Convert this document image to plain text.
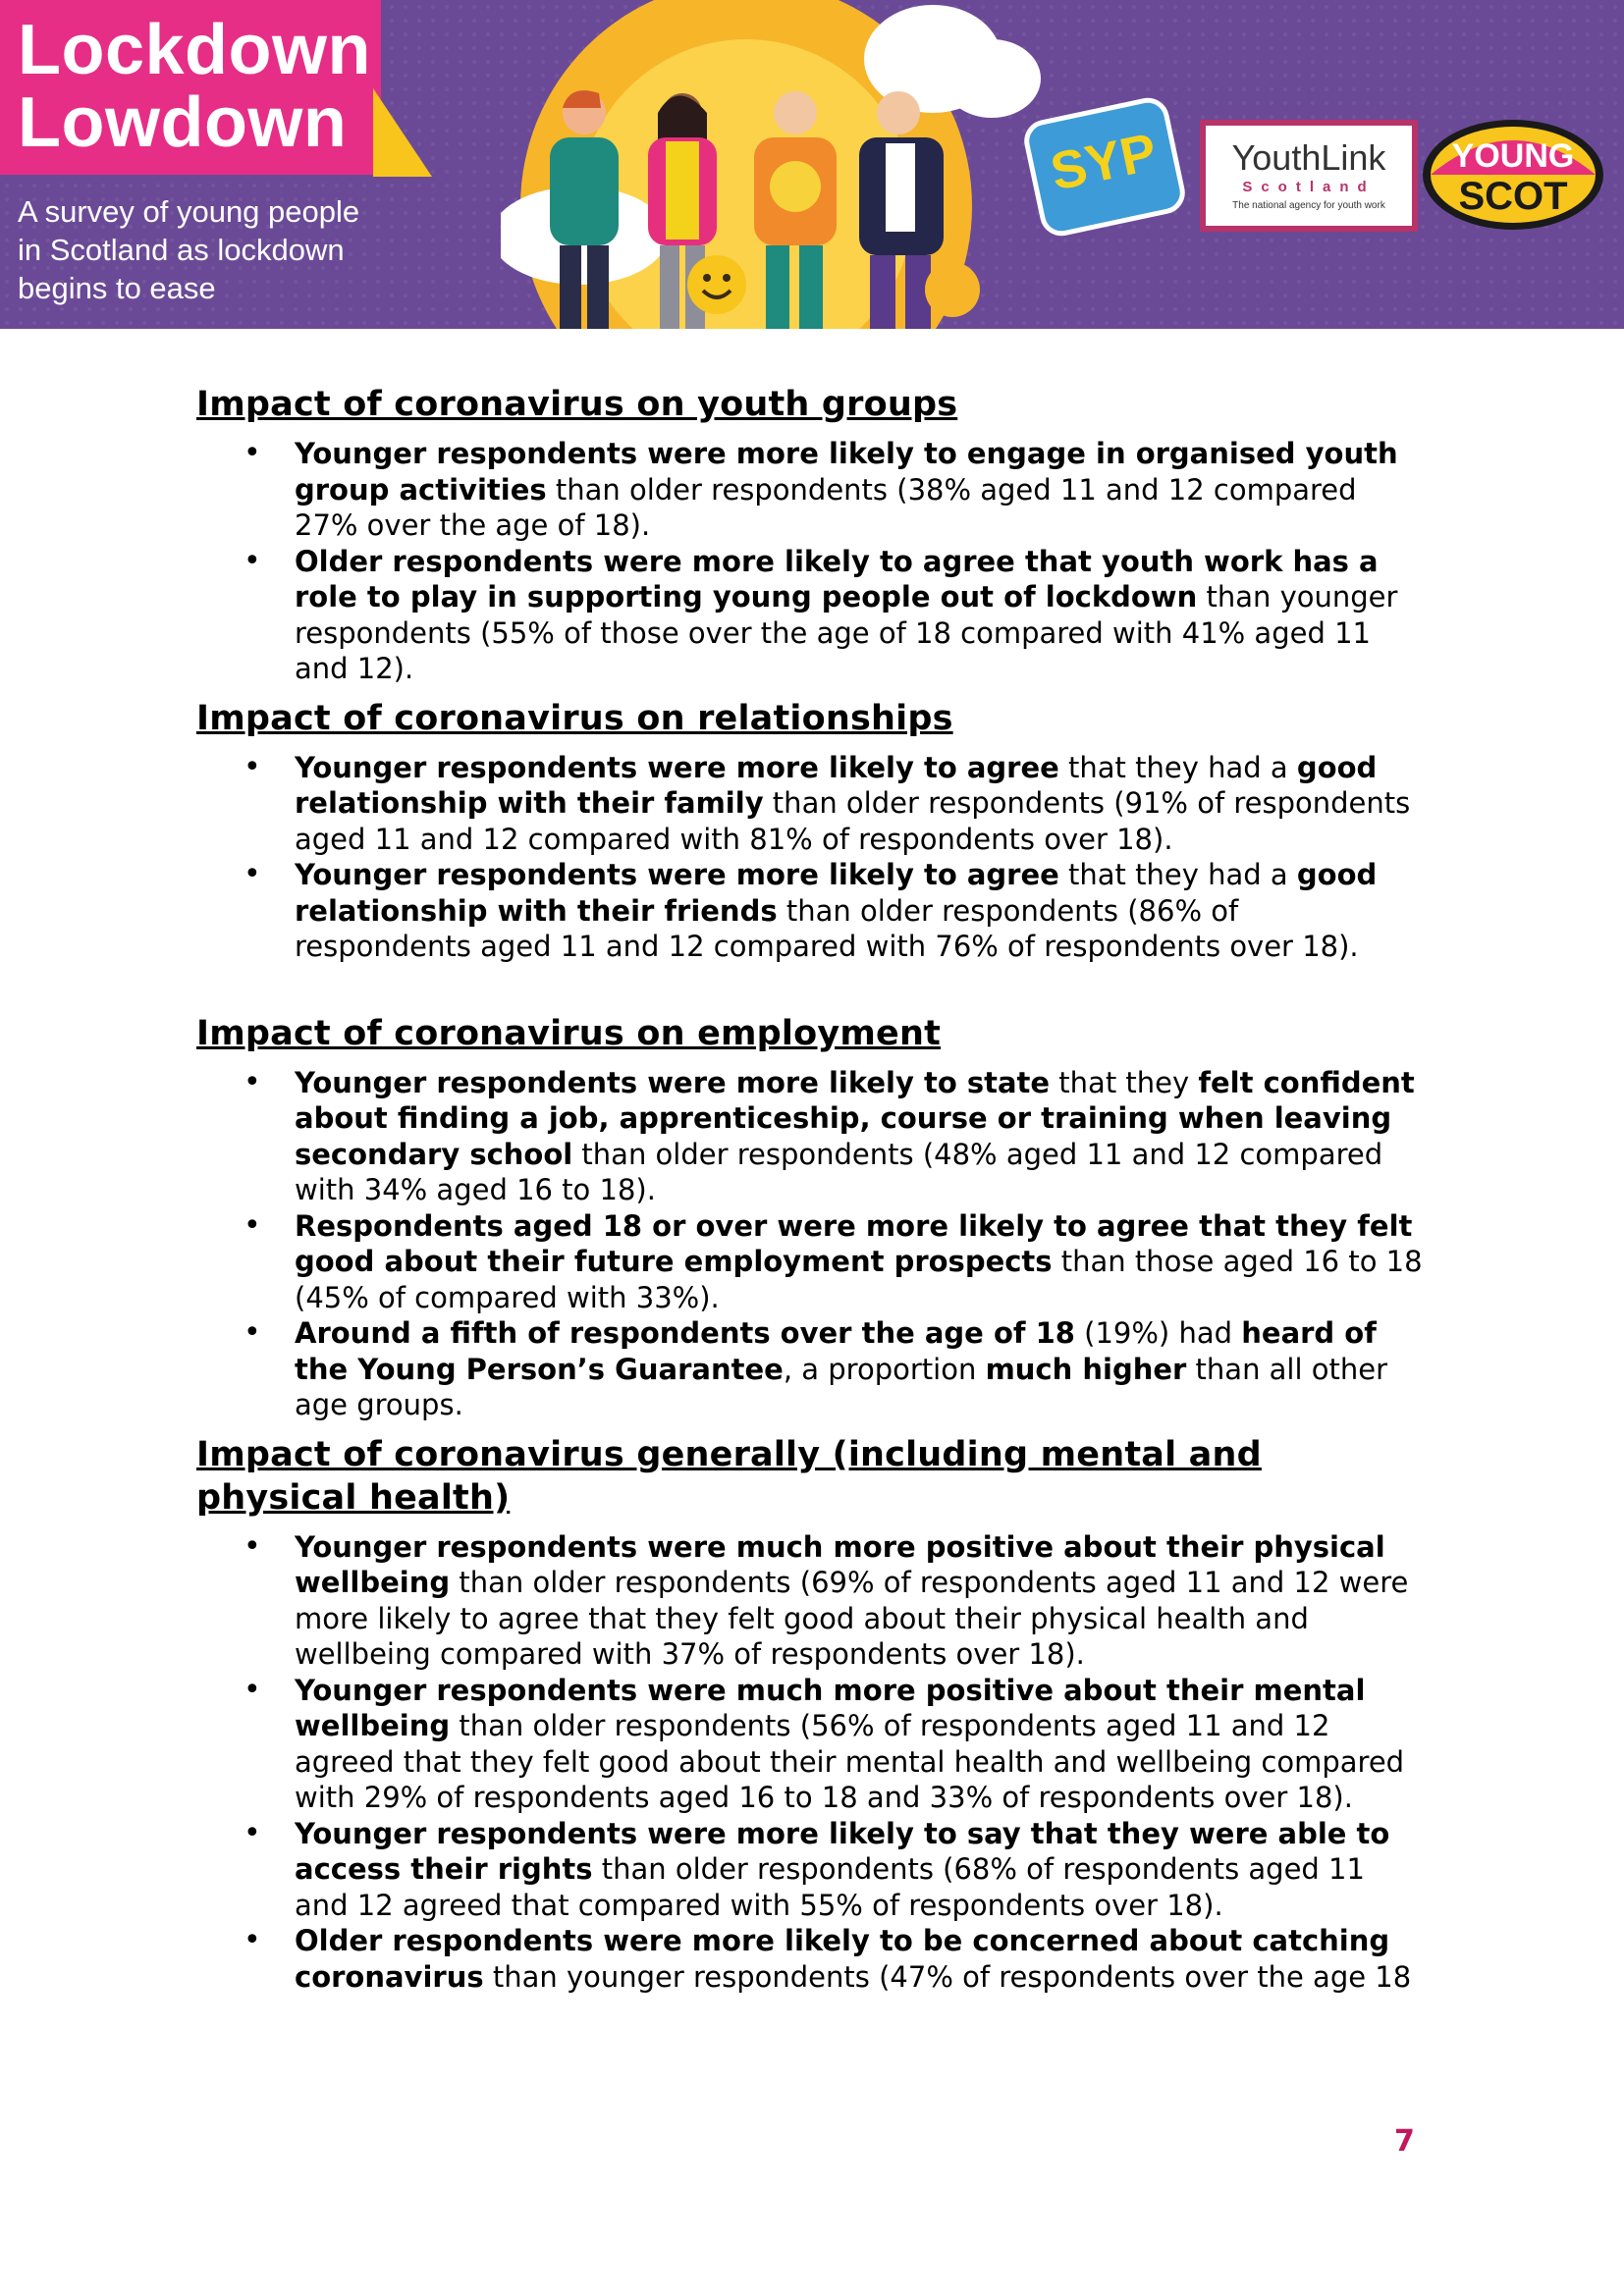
Lockdown
Lowdown
A survey of young people
in Scotland as lockdown
begins to ease
SYP	YouthLink
Scotland
The national agency for youth work
YOUNG
SCOT
Impact of coronavirus on youth groups
• Younger respondents were more likely to engage in organised youth group activities than older respondents (38% aged 11 and 12 compared 27% over the age of 18).
• Older respondents were more likely to agree that youth work has a role to play in supporting young people out of lockdown than younger respondents (55% of those over the age of 18 compared with 41% aged 11 and 12).
Impact of coronavirus on relationships
• Younger respondents were more likely to agree that they had a good relationship with their family than older respondents (91% of respondents aged 11 and 12 compared with 81% of respondents over 18).
• Younger respondents were more likely to agree that they had a good relationship with their friends than older respondents (86% of respondents aged 11 and 12 compared with 76% of respondents over 18).
Impact of coronavirus on employment
• Younger respondents were more likely to state that they felt confident about finding a job, apprenticeship, course or training when leaving secondary school than older respondents (48% aged 11 and 12 compared with 34% aged 16 to 18).
• Respondents aged 18 or over were more likely to agree that they felt good about their future employment prospects than those aged 16 to 18 (45% of compared with 33%).
• Around a fifth of respondents over the age of 18 (19%) had heard of the Young Person’s Guarantee, a proportion much higher than all other age groups.
Impact of coronavirus generally (including mental and physical health)
• Younger respondents were much more positive about their physical wellbeing than older respondents (69% of respondents aged 11 and 12 were more likely to agree that they felt good about their physical health and wellbeing compared with 37% of respondents over 18).
• Younger respondents were much more positive about their mental wellbeing than older respondents (56% of respondents aged 11 and 12 agreed that they felt good about their mental health and wellbeing compared with 29% of respondents aged 16 to 18 and 33% of respondents over 18).
• Younger respondents were more likely to say that they were able to access their rights than older respondents (68% of respondents aged 11 and 12 agreed that compared with 55% of respondents over 18).
• Older respondents were more likely to be concerned about catching coronavirus than younger respondents (47% of respondents over the age 18
7
